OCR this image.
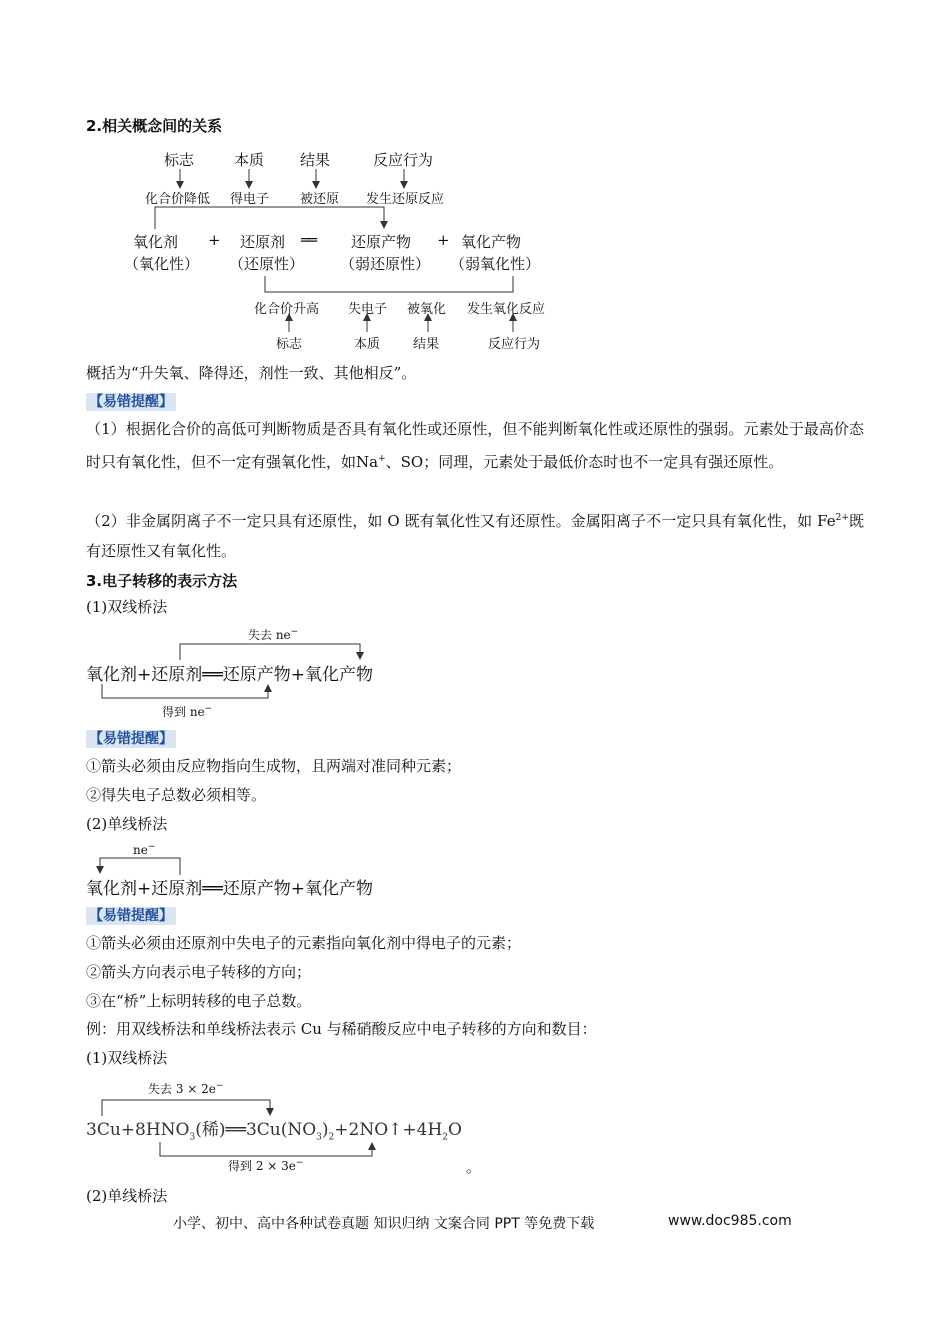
2.相关概念间的关系
标志	本质 结果	反应行为
化合价降低 得电子 被还原 发生还原反应
氧化剂 + 还原剂 ══ 还原产物 + 氧化产物
（氧化性） （还原性） （弱还原性） （弱氧化性）
化合价升高 失电子 被氧化 发生氧化反应
标志	本质	结果	反应行为
概括为“升失氧、降得还，剂性一致、其他相反”。
【易错提醒】
（1）根据化合价的高低可判断物质是否具有氧化性或还原性，但不能判断氧化性或还原性的强弱。元素处于最高价态时只有氧化性，但不一定有强氧化性，如Na+、SO；同理，元素处于最低价态时也不一定具有强还原性。
（2）非金属阴离子不一定只具有还原性，如 O 既有氧化性又有还原性。金属阳离子不一定只具有氧化性，如 $Fe^{2+}$既有还原性又有氧化性。
3.电子转移的表示方法
(1)双线桥法
失去 ne−
氧化剂+还原剂══还原产物+氧化产物
得到 ne−
【易错提醒】
①箭头必须由反应物指向生成物，且两端对准同种元素；
②得失电子总数必须相等。
(2)单线桥法
ne−
氧化剂+还原剂══还原产物+氧化产物
【易错提醒】
①箭头必须由还原剂中失电子的元素指向氧化剂中得电子的元素；
②箭头方向表示电子转移的方向；
③在“桥”上标明转移的电子总数。
例：用双线桥法和单线桥法表示 Cu 与稀硝酸反应中电子转移的方向和数目：
(1)双线桥法
失去 3 × 2e−
$3Cu+8HNO_3$(稀)$══3Cu(NO_3)_2+2NO↑+4H_2O$
得到 2 × 3e−	。
(2)单线桥法
小学、初中、高中各种试卷真题 知识归纳 文案合同 PPT 等免费下载	www.doc985.com
